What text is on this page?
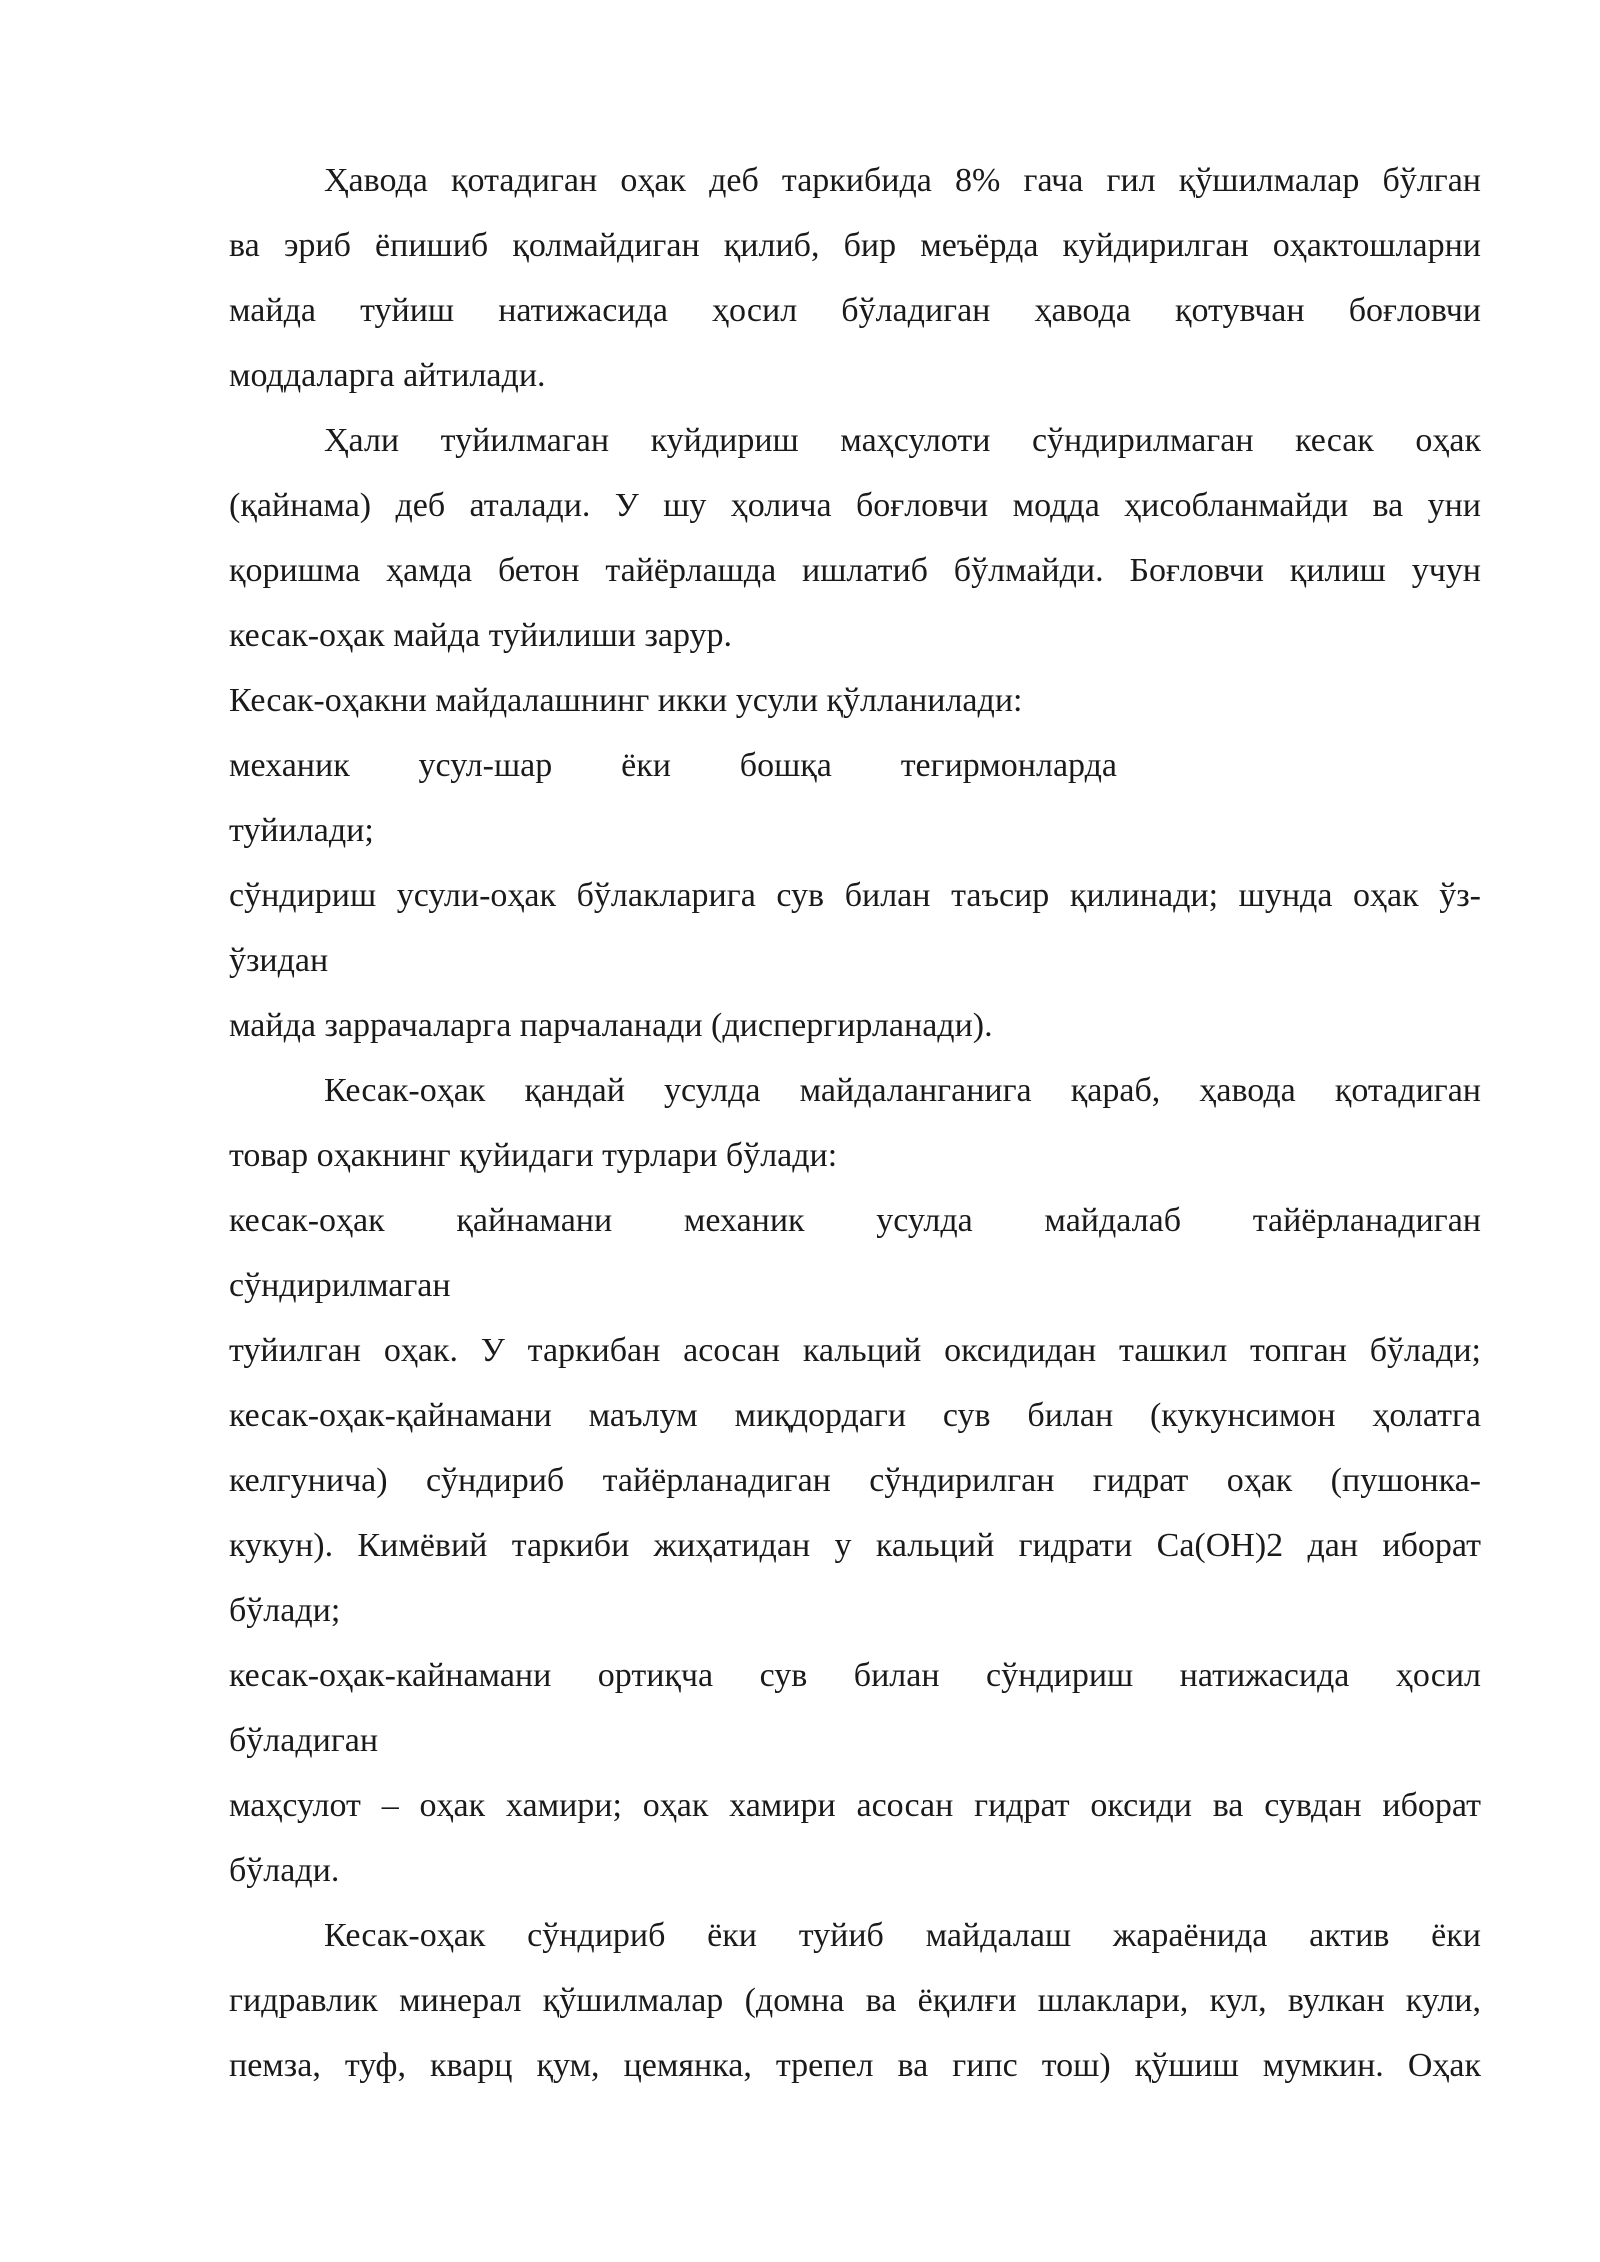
Ҳавода қотадиган оҳак деб таркибида 8% гача гил қўшилмалар бўлган
ва эриб ёпишиб қолмайдиган қилиб, бир меъёрда куйдирилган оҳактошларни
майда туйиш натижасида ҳосил бўладиган ҳавода қотувчан боғловчи
моддаларга айтилади.
Ҳали туйилмаган куйдириш маҳсулоти сўндирилмаган кесак оҳак
(қайнама) деб аталади. У шу ҳолича боғловчи модда ҳисобланмайди ва уни
қоришма ҳамда бетон тайёрлашда ишлатиб бўлмайди. Боғловчи қилиш учун
кесак-оҳак майда туйилиши зарур.
Кесак-оҳакни майдалашнинг икки усули қўлланилади:
механик усул-шар ёки бошқа тегирмонларда
туйилади;
сўндириш усули-оҳак бўлакларига сув билан таъсир қилинади; шунда оҳак ўз-
ўзидан
майда заррачаларга парчаланади (диспергирланади).
Кесак-оҳак қандай усулда майдаланганига қараб, ҳавода қотадиган
товар оҳакнинг қуйидаги турлари бўлади:
кесак-оҳак қайнамани механик усулда майдалаб тайёрланадиган
сўндирилмаган
туйилган оҳак. У таркибан асосан кальций оксидидан ташкил топган бўлади;
кесак-оҳак-қайнамани маълум миқдордаги сув билан (кукунсимон ҳолатга
келгунича) сўндириб тайёрланадиган сўндирилган гидрат оҳак (пушонка-
кукун). Кимёвий таркиби жиҳатидан у кальций гидрати Са(ОН)2 дан иборат
бўлади;
кесак-оҳак-кайнамани ортиқча сув билан сўндириш натижасида ҳосил
бўладиган
маҳсулот – оҳак хамири; оҳак хамири асосан гидрат оксиди ва сувдан иборат
бўлади.
Кесак-оҳак сўндириб ёки туйиб майдалаш жараёнида актив ёки
гидравлик минерал қўшилмалар (домна ва ёқилғи шлаклари, кул, вулкан кули,
пемза, туф, кварц қум, цемянка, трепел ва гипс тош) қўшиш мумкин. Оҳак
